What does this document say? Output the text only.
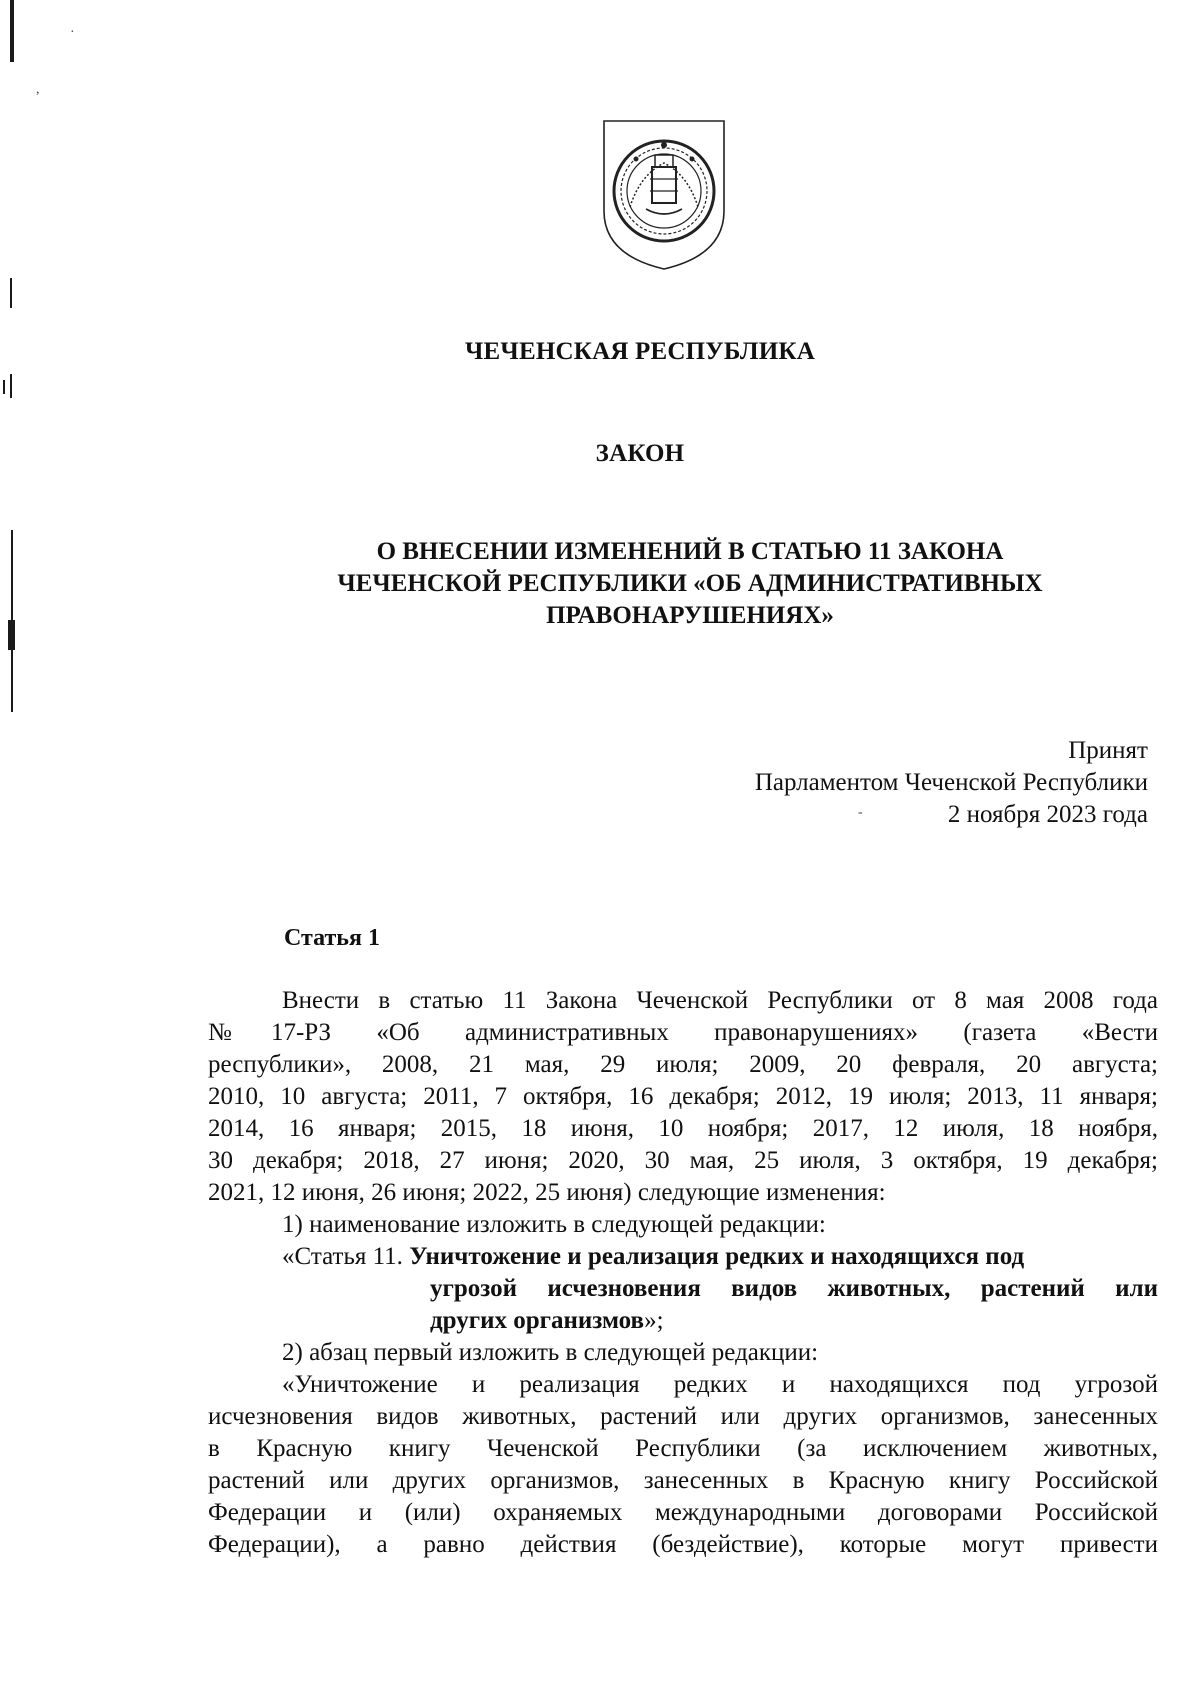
·
,
-
ЧЕЧЕНСКАЯ РЕСПУБЛИКА
ЗАКОН
О ВНЕСЕНИИ ИЗМЕНЕНИЙ В СТАТЬЮ 11 ЗАКОНА
ЧЕЧЕНСКОЙ РЕСПУБЛИКИ «ОБ АДМИНИСТРАТИВНЫХ
ПРАВОНАРУШЕНИЯХ»
Принят
Парламентом Чеченской Республики
2 ноября 2023 года
Статья 1
Внести в статью 11 Закона Чеченской Республики от 8 мая 2008 года
№17-РЗ «Об административных правонарушениях» (газета «Вести
республики», 2008, 21 мая, 29 июля; 2009, 20 февраля, 20 августа;
2010, 10 августа; 2011, 7 октября, 16 декабря; 2012, 19 июля; 2013, 11 января;
2014, 16 января; 2015, 18 июня, 10 ноября; 2017, 12 июля, 18 ноября,
30 декабря; 2018, 27 июня; 2020, 30 мая, 25 июля, 3 октября, 19 декабря;
2021, 12 июня, 26 июня; 2022, 25 июня) следующие изменения:
1) наименование изложить в следующей редакции:
«Статья 11. Уничтожение и реализация редких и находящихся под
угрозой исчезновения видов животных, растений или
других организмов»;
2) абзац первый изложить в следующей редакции:
«Уничтожение и реализация редких и находящихся под угрозой
исчезновения видов животных, растений или других организмов, занесенных
в Красную книгу Чеченской Республики (за исключением животных,
растений или других организмов, занесенных в Красную книгу Российской
Федерации и (или) охраняемых международными договорами Российской
Федерации), а равно действия (бездействие), которые могут привести
